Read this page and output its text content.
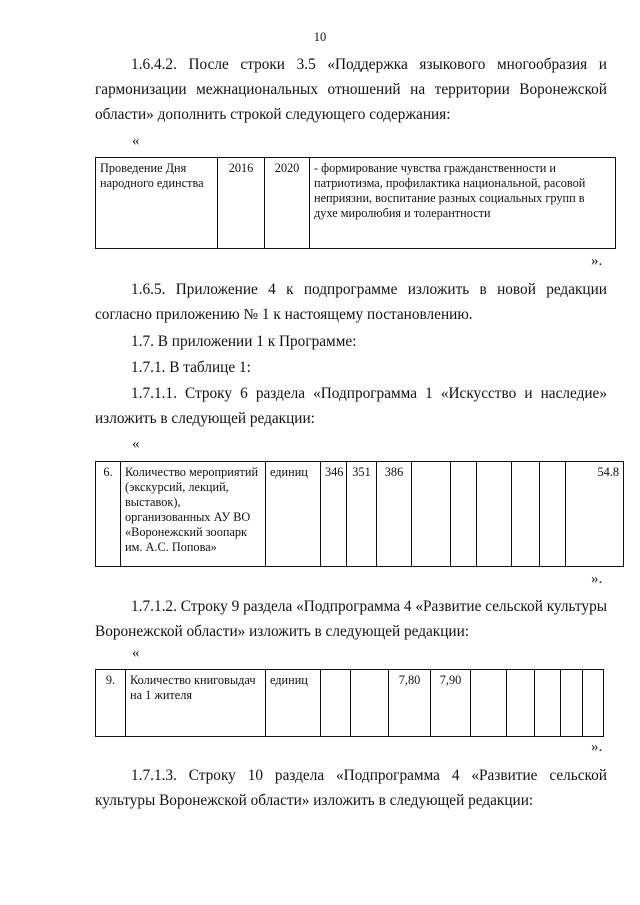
10
1.6.4.2. После строки 3.5 «Поддержка языкового многообразия и
гармонизации межнациональных отношений на территории Воронежской
области» дополнить строкой следующего содержания:
«
Проведение Дня народного единства	2016	2020	- формирование чувства гражданственности и патриотизма, профилактика национальной, расовой неприязни, воспитание разных социальных групп в духе миролюбия и толерантности
».
1.6.5. Приложение 4 к подпрограмме изложить в новой редакции
согласно приложению № 1 к настоящему постановлению.
1.7. В приложении 1 к Программе:
1.7.1. В таблице 1:
1.7.1.1. Строку 6 раздела «Подпрограмма 1 «Искусство и наследие»
изложить в следующей редакции:
«
6.	Количество мероприятий (экскурсий, лекций, выставок), организованных АУ ВО «Воронежский зоопарк им. А.С. Попова»	единиц	346	351	386						54.8
».
1.7.1.2. Строку 9 раздела «Подпрограмма 4 «Развитие сельской культуры
Воронежской области» изложить в следующей редакции:
«
9.	Количество книговыдач на 1 жителя	единиц			7,80	7,90					
».
1.7.1.3. Строку 10 раздела «Подпрограмма 4 «Развитие сельской
культуры Воронежской области» изложить в следующей редакции:
